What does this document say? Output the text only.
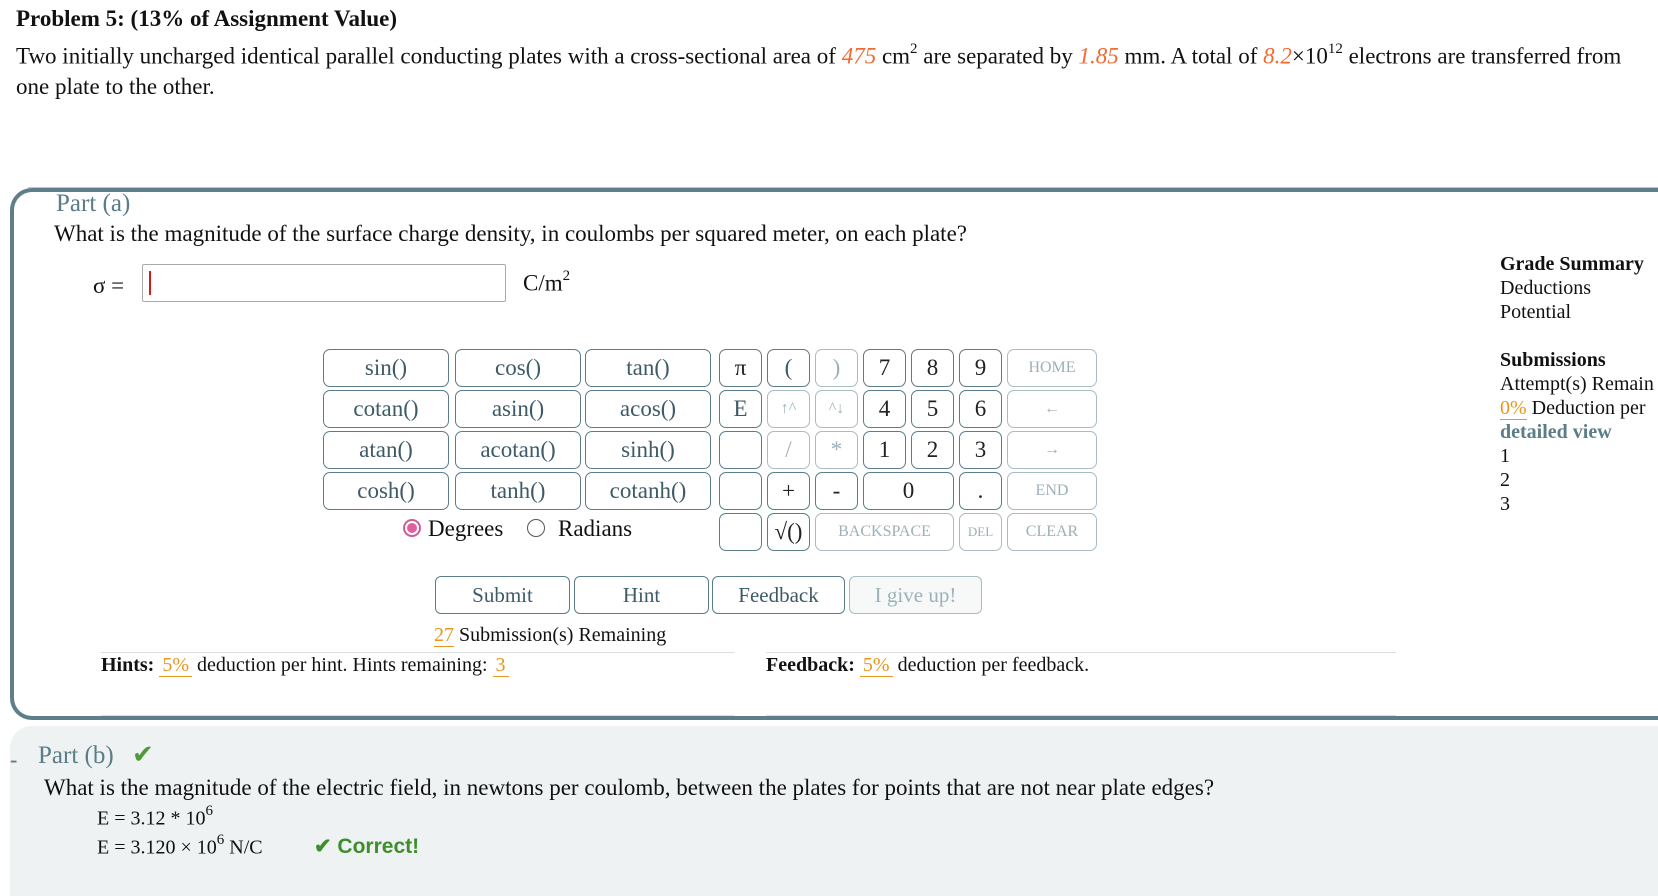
Problem 5: (13% of Assignment Value)
Two initially uncharged identical parallel conducting plates with a cross-sectional area of 475 $cm^2$ are separated by 1.85 mm. A total of $8.2\times 10^{12}$ electrons are transferred from one plate to the other.
Part (a)
What is the magnitude of the surface charge density, in coulombs per squared meter, on each plate?
σ =	$C/m^2$
sin()	cos()	tan()
cotan()	asin()	acos()
atan()	acotan()	sinh()
cosh()	tanh()	cotanh()
Degrees Radians
π	(	)
E	↑^	^↓
/	*
+	-
√()
7	8	9
4	5	6
1	2	3
0	.
HOME
←
→
END
BACKSPACE	DEL	CLEAR
Submit	Hint	Feedback	I give up!
27 Submission(s) Remaining
Hints: 5% deduction per hint. Hints remaining: 3	Feedback: 5% deduction per feedback.
Grade Summary
Deductions
Potential
Submissions
Attempt(s) Remain
0% Deduction per
detailed view
1
2
3
- Part (b) ✔
What is the magnitude of the electric field, in newtons per coulomb, between the plates for points that are not near plate edges?
$E = 3.12 * 10^6$
$E = 3.120 \times 10^6$ N/C ✔ Correct!
